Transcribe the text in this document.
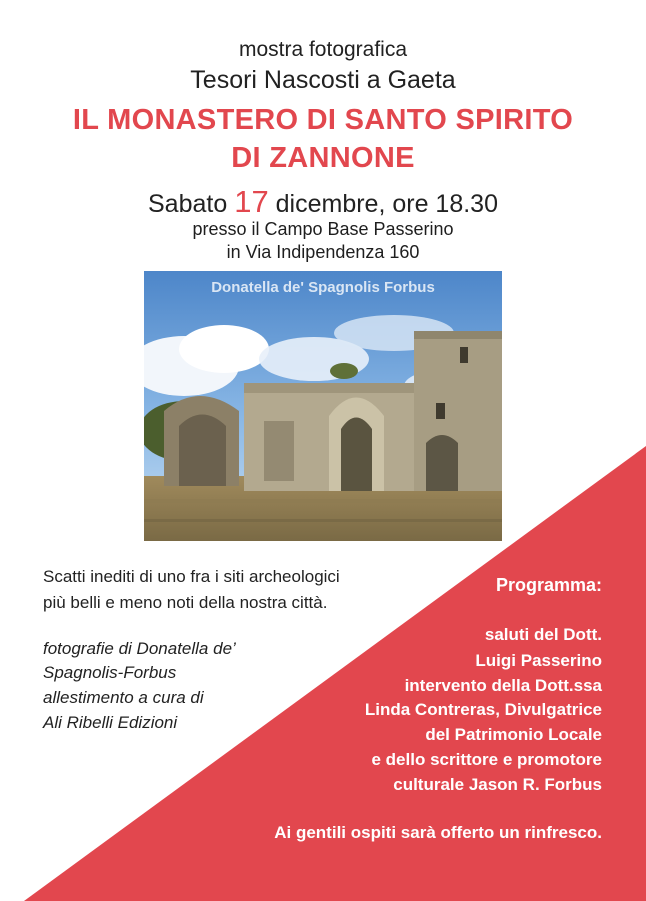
mostra fotografica
Tesori Nascosti a Gaeta
IL MONASTERO DI SANTO SPIRITO
DI ZANNONE
Sabato 17 dicembre, ore 18.30
presso il Campo Base Passerino
in Via Indipendenza 160
Donatella de' Spagnolis Forbus
Scatti inediti di uno fra i siti archeologici
più belli e meno noti della nostra città.
fotografie di Donatella de’
Spagnolis-Forbus
allestimento a cura di
Ali Ribelli Edizioni
Programma:
saluti del Dott.
Luigi Passerino
intervento della Dott.ssa
Linda Contreras, Divulgatrice
del Patrimonio Locale
e dello scrittore e promotore
culturale Jason R. Forbus
Ai gentili ospiti sarà offerto un rinfresco.
